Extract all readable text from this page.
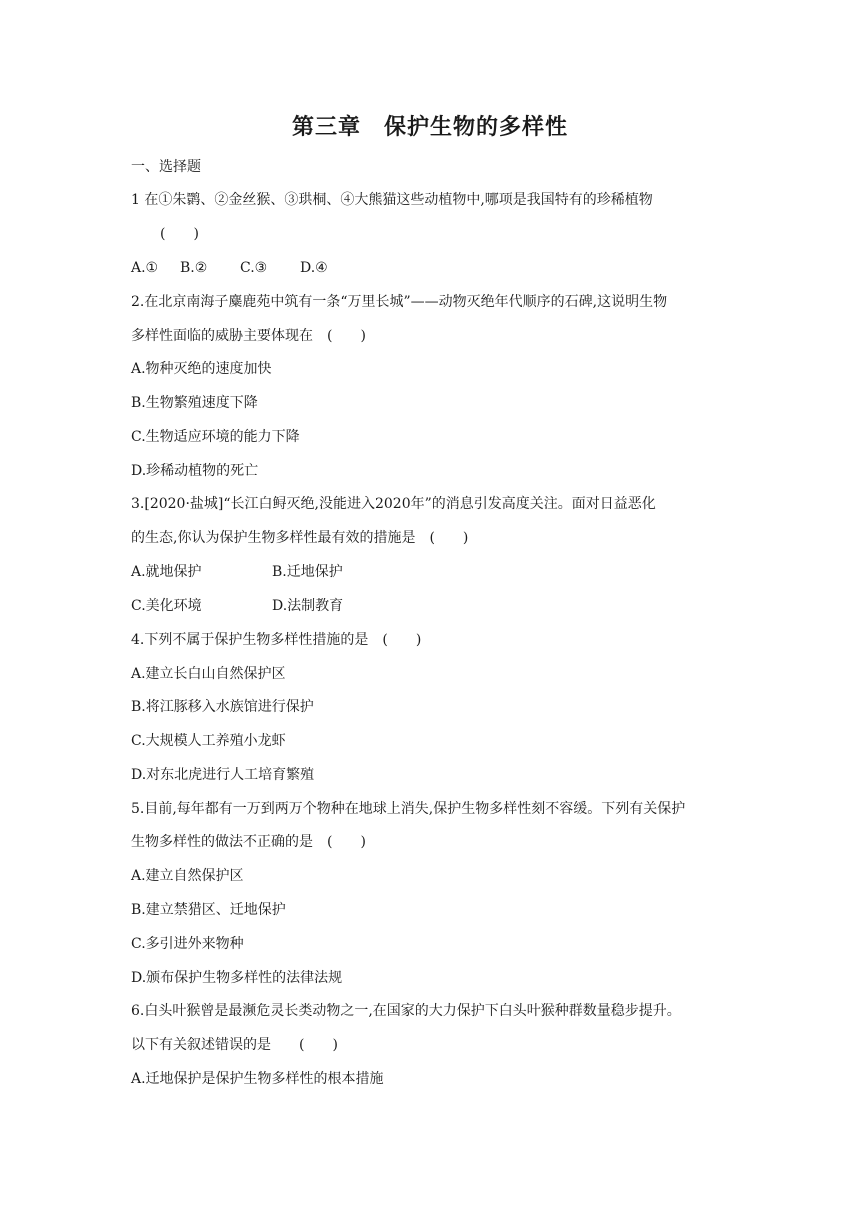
第三章　保护生物的多样性
一、选择题
1 在①朱鹮、②金丝猴、③珙桐、④大熊猫这些动植物中,哪项是我国特有的珍稀植物
(　　)
A.① B.② C.③ D.④
2.在北京南海子麋鹿苑中筑有一条“万里长城”——动物灭绝年代顺序的石碑,这说明生物
多样性面临的威胁主要体现在　(　　)
A.物种灭绝的速度加快
B.生物繁殖速度下降
C.生物适应环境的能力下降
D.珍稀动植物的死亡
3.[2020·盐城]“长江白鲟灭绝,没能进入2020年”的消息引发高度关注。面对日益恶化
的生态,你认为保护生物多样性最有效的措施是　(　　)
A.就地保护	B.迁地保护
C.美化环境	D.法制教育
4.下列不属于保护生物多样性措施的是　(　　)
A.建立长白山自然保护区
B.将江豚移入水族馆进行保护
C.大规模人工养殖小龙虾
D.对东北虎进行人工培育繁殖
5.目前,每年都有一万到两万个物种在地球上消失,保护生物多样性刻不容缓。下列有关保护
生物多样性的做法不正确的是　(　　)
A.建立自然保护区
B.建立禁猎区、迁地保护
C.多引进外来物种
D.颁布保护生物多样性的法律法规
6.白头叶猴曾是最濒危灵长类动物之一,在国家的大力保护下白头叶猴种群数量稳步提升。
以下有关叙述错误的是　　(　　)
A.迁地保护是保护生物多样性的根本措施
